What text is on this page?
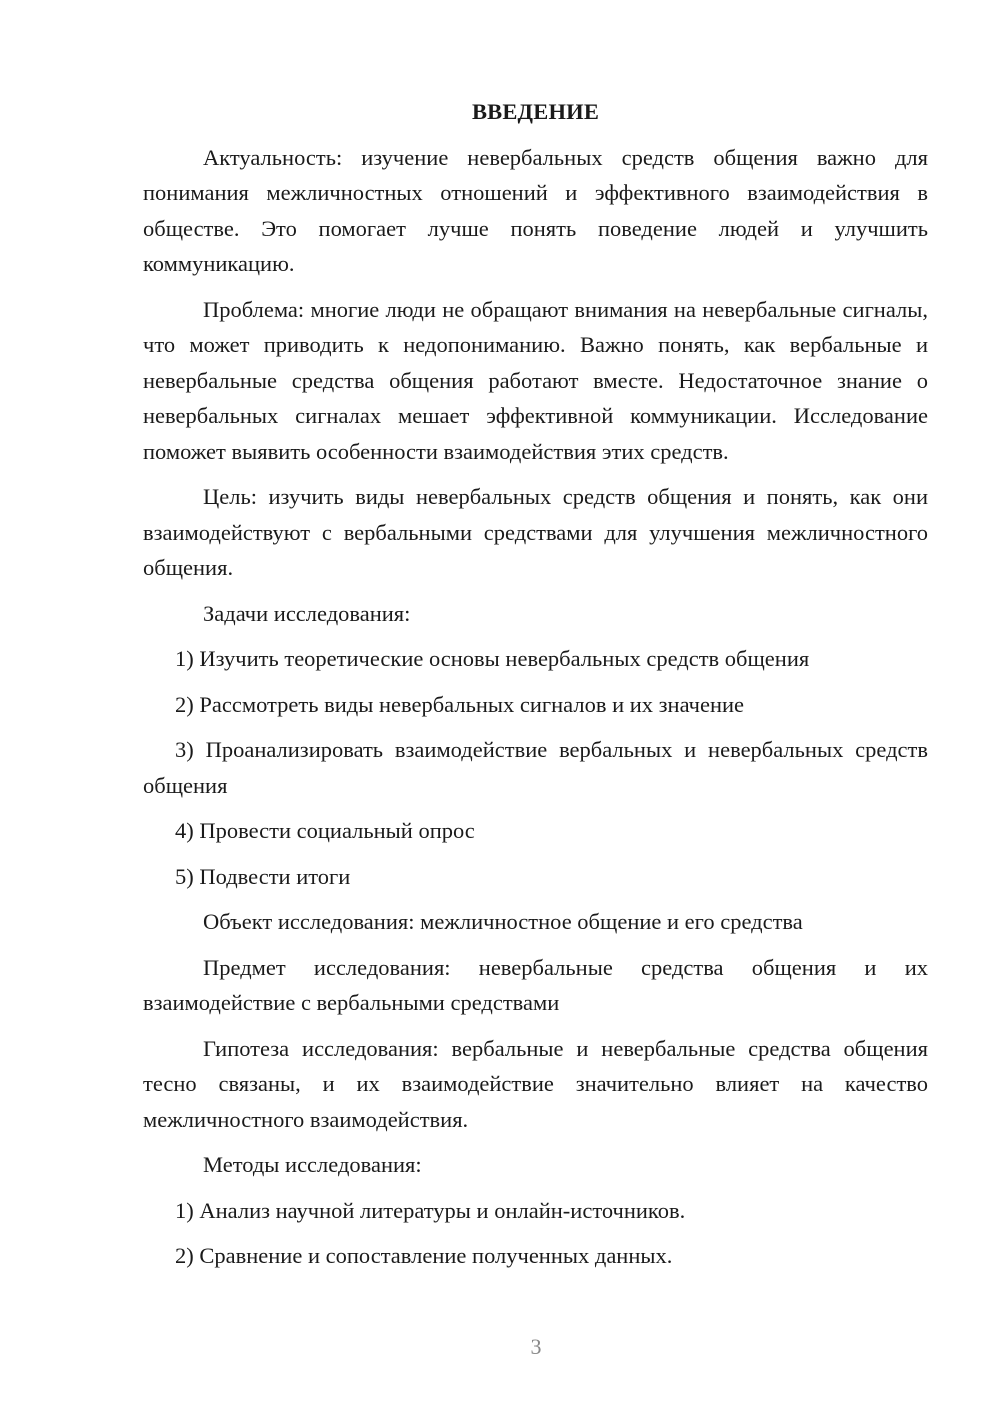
ВВЕДЕНИЕ

Актуальность: изучение невербальных средств общения важно для понимания межличностных отношений и эффективного взаимодействия в обществе. Это помогает лучше понять поведение людей и улучшить коммуникацию.

Проблема: многие люди не обращают внимания на невербальные сигналы, что может приводить к недопониманию. Важно понять, как вербальные и невербальные средства общения работают вместе. Недостаточное знание о невербальных сигналах мешает эффективной коммуникации. Исследование поможет выявить особенности взаимодействия этих средств.

Цель: изучить виды невербальных средств общения и понять, как они взаимодействуют с вербальными средствами для улучшения межличностного общения.

Задачи исследования:

1) Изучить теоретические основы невербальных средств общения

2) Рассмотреть виды невербальных сигналов и их значение

3) Проанализировать взаимодействие вербальных и невербальных средств общения

4) Провести социальный опрос

5) Подвести итоги

Объект исследования: межличностное общение и его средства

Предмет исследования: невербальные средства общения и их взаимодействие с вербальными средствами

Гипотеза исследования: вербальные и невербальные средства общения тесно связаны, и их взаимодействие значительно влияет на качество межличностного взаимодействия.

Методы исследования:

1) Анализ научной литературы и онлайн-источников.

2) Сравнение и сопоставление полученных данных.

3
